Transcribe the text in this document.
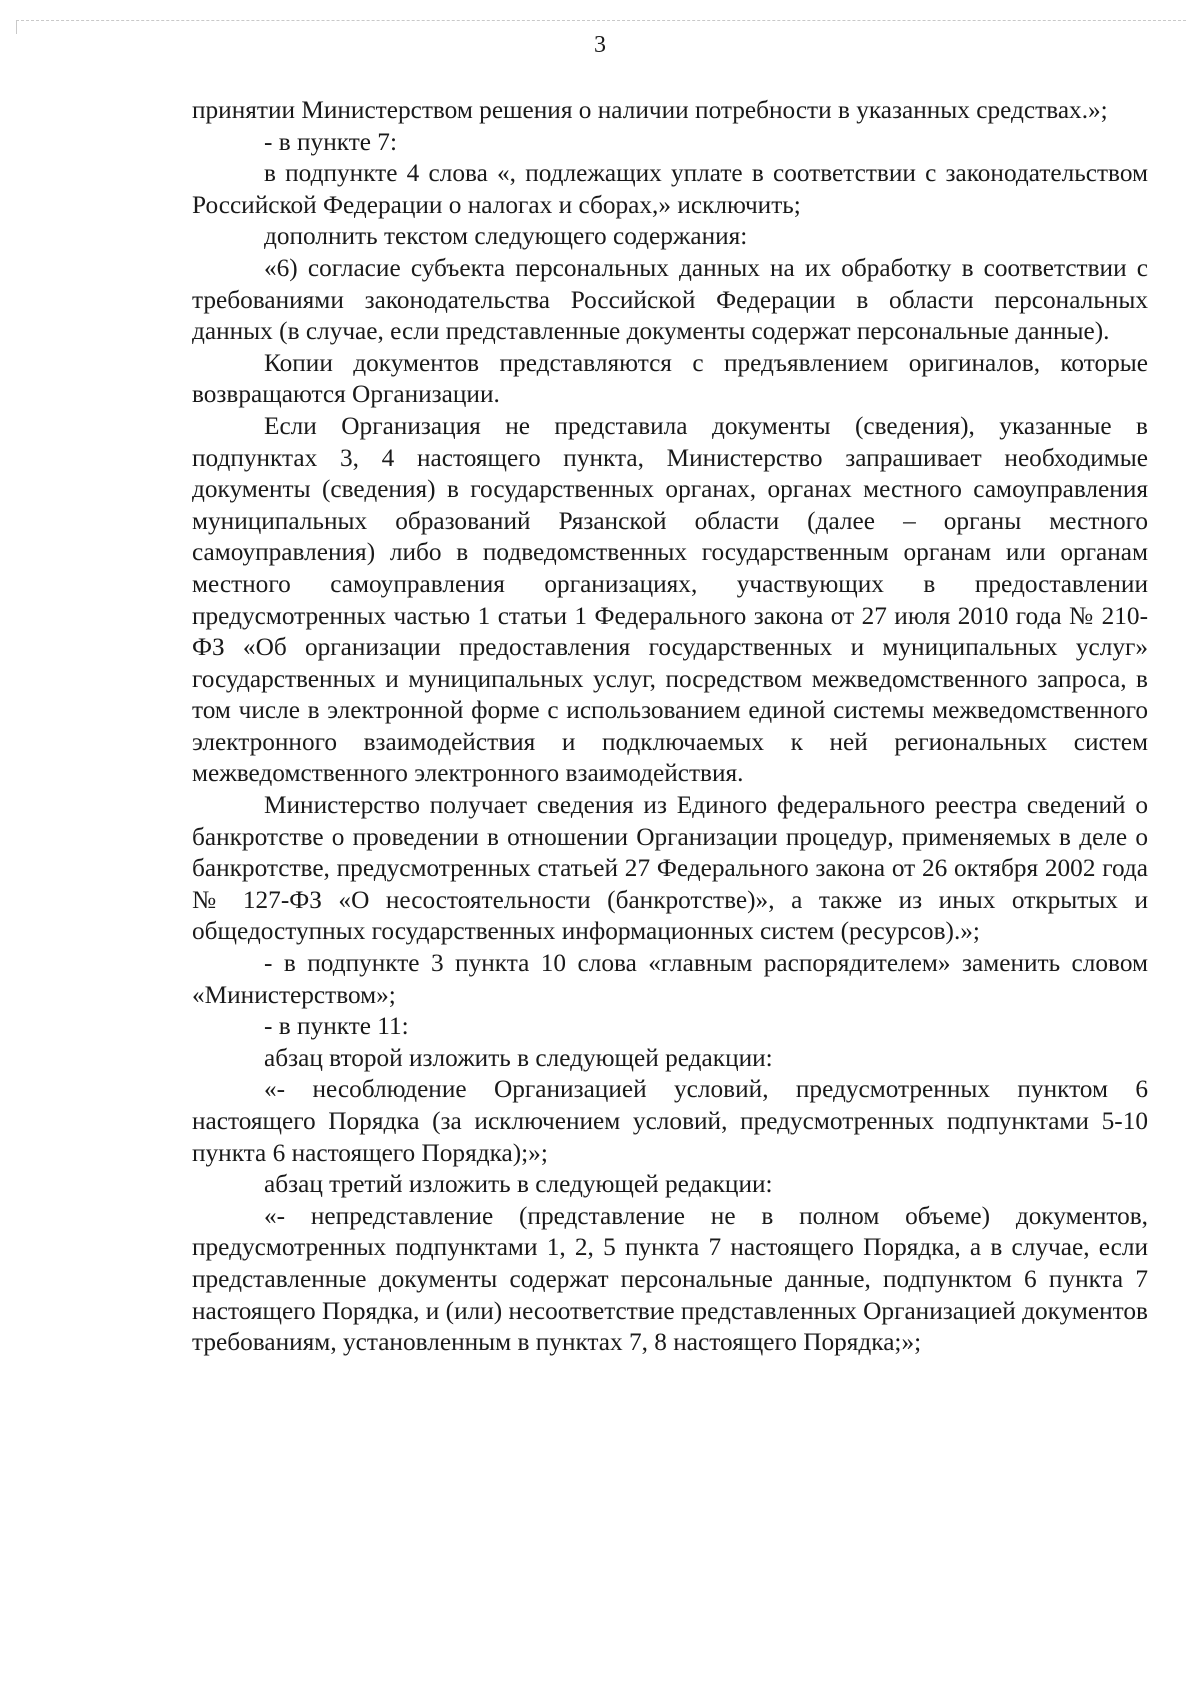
3

принятии Министерством решения о наличии потребности в указанных средствах.»;

- в пункте 7:

в подпункте 4 слова «, подлежащих уплате в соответствии с законодательством Российской Федерации о налогах и сборах,» исключить;

дополнить текстом следующего содержания:

«6) согласие субъекта персональных данных на их обработку в соответствии с требованиями законодательства Российской Федерации в области персональных данных (в случае, если представленные документы содержат персональные данные).

Копии документов представляются с предъявлением оригиналов, которые возвращаются Организации.

Если Организация не представила документы (сведения), указанные в подпунктах 3, 4 настоящего пункта, Министерство запрашивает необходимые документы (сведения) в государственных органах, органах местного самоуправления муниципальных образований Рязанской области (далее – органы местного самоуправления) либо в подведомственных государственным органам или органам местного самоуправления организациях, участвующих в предоставлении предусмотренных частью 1 статьи 1 Федерального закона от 27 июля 2010 года № 210-ФЗ «Об организации предоставления государственных и муниципальных услуг» государственных и муниципальных услуг, посредством межведомственного запроса, в том числе в электронной форме с использованием единой системы межведомственного электронного взаимодействия и подключаемых к ней региональных систем межведомственного электронного взаимодействия.

Министерство получает сведения из Единого федерального реестра сведений о банкротстве о проведении в отношении Организации процедур, применяемых в деле о банкротстве, предусмотренных статьей 27 Федерального закона от 26 октября 2002 года № 127-ФЗ «О несостоятельности (банкротстве)», а также из иных открытых и общедоступных государственных информационных систем (ресурсов).»;

- в подпункте 3 пункта 10 слова «главным распорядителем» заменить словом «Министерством»;

- в пункте 11:

абзац второй изложить в следующей редакции:

«- несоблюдение Организацией условий, предусмотренных пунктом 6 настоящего Порядка (за исключением условий, предусмотренных подпунктами 5-10 пункта 6 настоящего Порядка);»;

абзац третий изложить в следующей редакции:

«- непредставление (представление не в полном объеме) документов, предусмотренных подпунктами 1, 2, 5 пункта 7 настоящего Порядка, а в случае, если представленные документы содержат персональные данные, подпунктом 6 пункта 7 настоящего Порядка, и (или) несоответствие представленных Организацией документов требованиям, установленным в пунктах 7, 8 настоящего Порядка;»;
